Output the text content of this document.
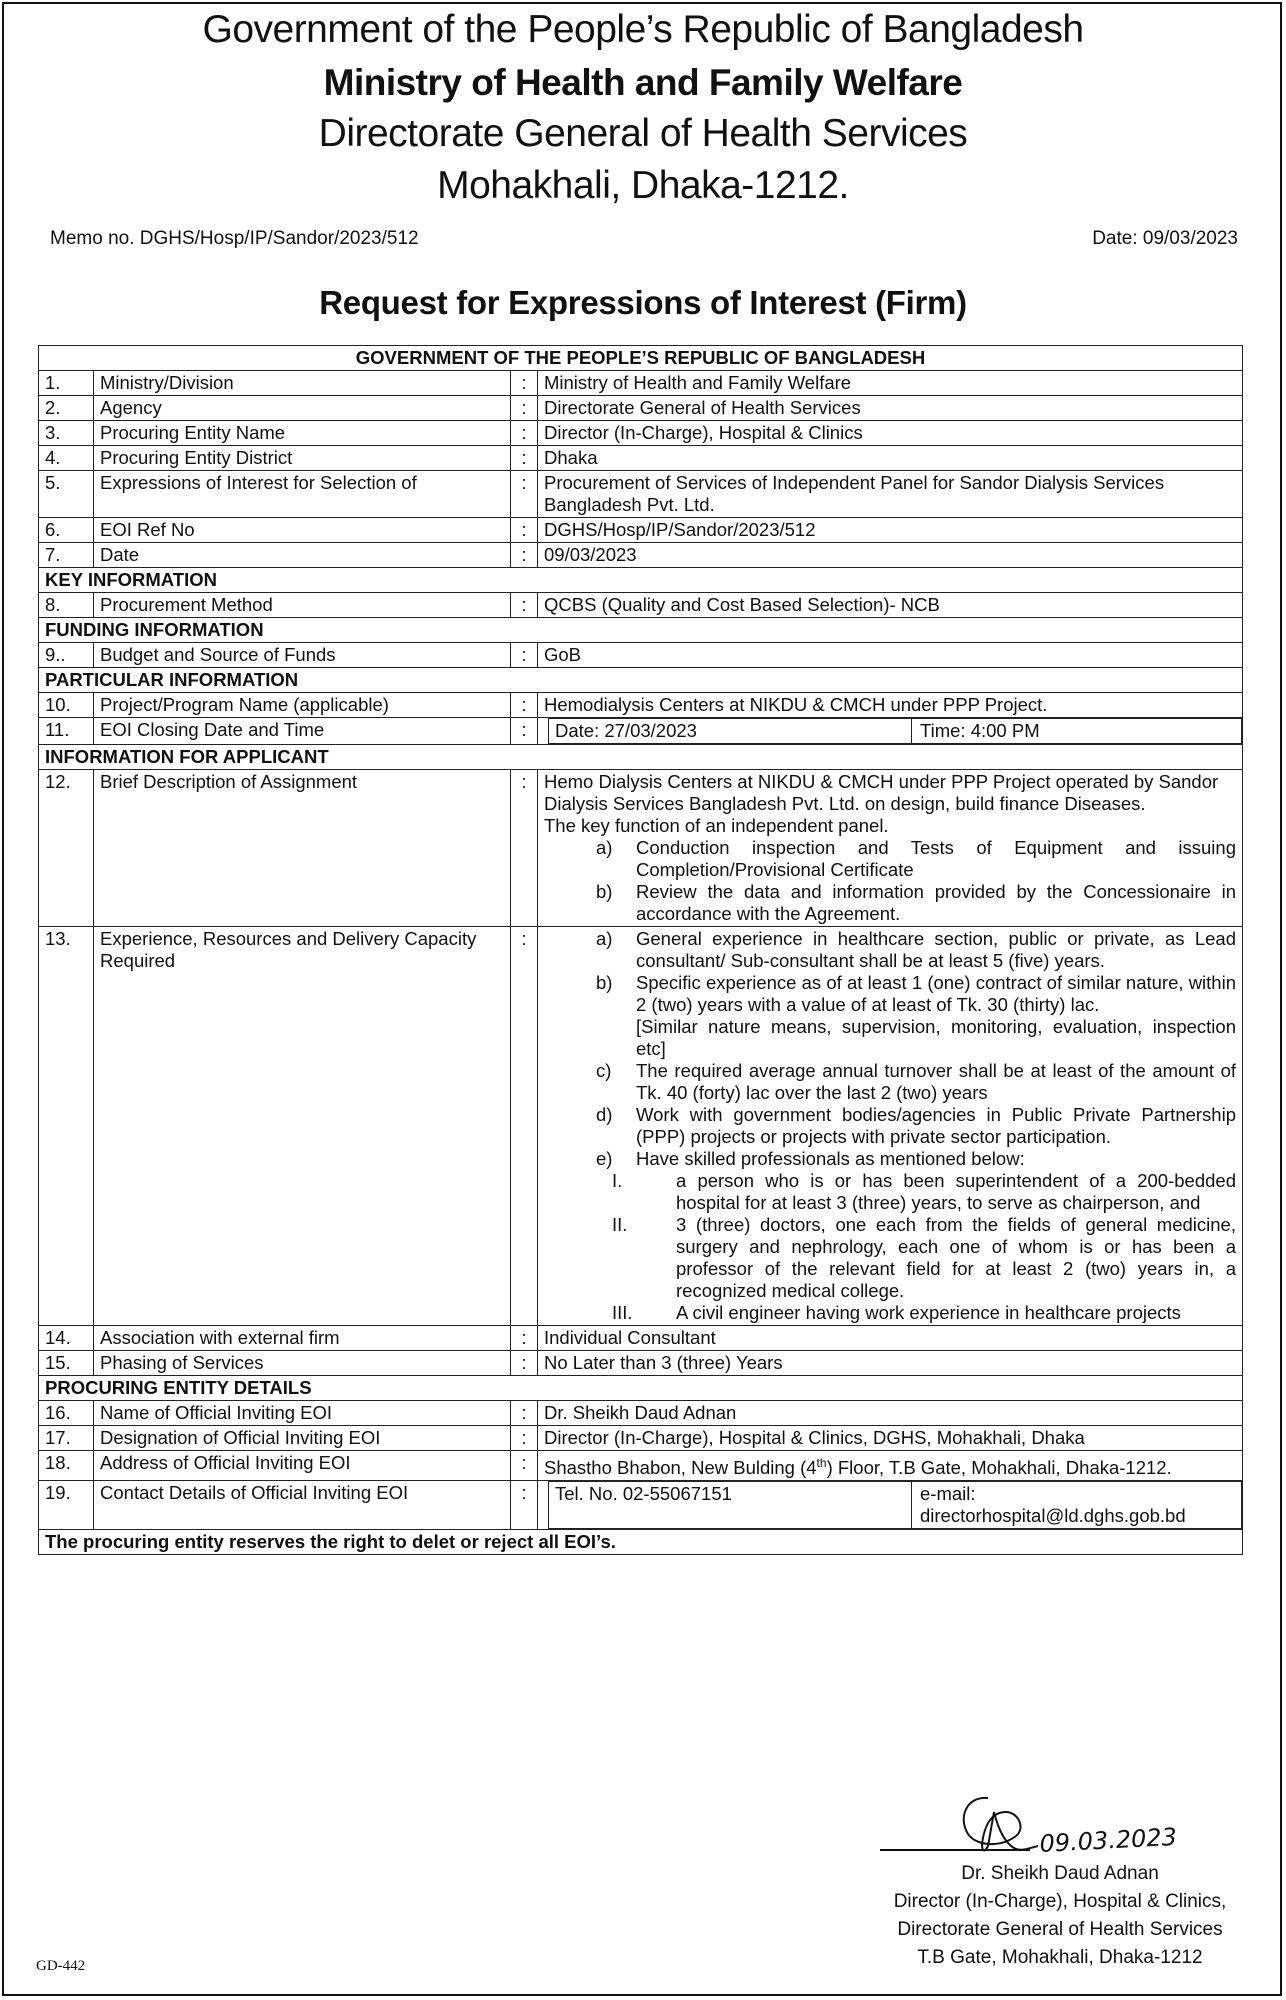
Government of the People’s Republic of Bangladesh
Ministry of Health and Family Welfare
Directorate General of Health Services
Mohakhali, Dhaka-1212.
Memo no. DGHS/Hosp/IP/Sandor/2023/512	Date: 09/03/2023
Request for Expressions of Interest (Firm)
GOVERNMENT OF THE PEOPLE’S REPUBLIC OF BANGLADESH
1.	Ministry/Division	:	Ministry of Health and Family Welfare
2.	Agency	:	Directorate General of Health Services
3.	Procuring Entity Name	:	Director (In-Charge), Hospital & Clinics
4.	Procuring Entity District	:	Dhaka
5.	Expressions of Interest for Selection of	:	Procurement of Services of Independent Panel for Sandor Dialysis Services Bangladesh Pvt. Ltd.
6.	EOI Ref No	:	DGHS/Hosp/IP/Sandor/2023/512
7.	Date	:	09/03/2023
KEY INFORMATION
8.	Procurement Method	:	QCBS (Quality and Cost Based Selection)- NCB
FUNDING INFORMATION
9..	Budget and Source of Funds	:	GoB
PARTICULAR INFORMATION
10.	Project/Program Name (applicable)	:	Hemodialysis Centers at NIKDU & CMCH under PPP Project.
11.	EOI Closing Date and Time	:	Date: 27/03/2023	Time: 4:00 PM

INFORMATION FOR APPLICANT
12.	Brief Description of Assignment	:	Hemo Dialysis Centers at NIKDU & CMCH under PPP Project operated by Sandor Dialysis Services Bangladesh Pvt. Ltd. on design, build finance Diseases.
The key function of an independent panel.
a)	Conduction inspection and Tests of Equipment and issuing Completion/Provisional Certificate
b)	Review the data and information provided by the Concessionaire in accordance with the Agreement.

13.	Experience, Resources and Delivery Capacity Required	:	a)	General experience in healthcare section, public or private, as Lead consultant/ Sub-consultant shall be at least 5 (five) years.
b)	Specific experience as of at least 1 (one) contract of similar nature, within 2 (two) years with a value of at least of Tk. 30 (thirty) lac.
[Similar nature means, supervision, monitoring, evaluation, inspection etc]
c)	The required average annual turnover shall be at least of the amount of Tk. 40 (forty) lac over the last 2 (two) years
d)	Work with government bodies/agencies in Public Private Partnership (PPP) projects or projects with private sector participation.
e)	Have skilled professionals as mentioned below:
I.	a person who is or has been superintendent of a 200-bedded hospital for at least 3 (three) years, to serve as chairperson, and
II.	3 (three) doctors, one each from the fields of general medicine, surgery and nephrology, each one of whom is or has been a professor of the relevant field for at least 2 (two) years in, a recognized medical college.
III.	A civil engineer having work experience in healthcare projects

14.	Association with external firm	:	Individual Consultant
15.	Phasing of Services	:	No Later than 3 (three) Years
PROCURING ENTITY DETAILS
16.	Name of Official Inviting EOI	:	Dr. Sheikh Daud Adnan
17.	Designation of Official Inviting EOI	:	Director (In-Charge), Hospital & Clinics, DGHS, Mohakhali, Dhaka
18.	Address of Official Inviting EOI	:	Shastho Bhabon, New Bulding (4th) Floor, T.B Gate, Mohakhali, Dhaka-1212.
19.	Contact Details of Official Inviting EOI	:	Tel. No. 02-55067151	e-mail: directorhospital@ld.dghs.gob.bd

The procuring entity reserves the right to delet or reject all EOI’s.
09.03.2023
Dr. Sheikh Daud Adnan
Director (In-Charge), Hospital & Clinics,
Directorate General of Health Services
T.B Gate, Mohakhali, Dhaka-1212
GD-442
